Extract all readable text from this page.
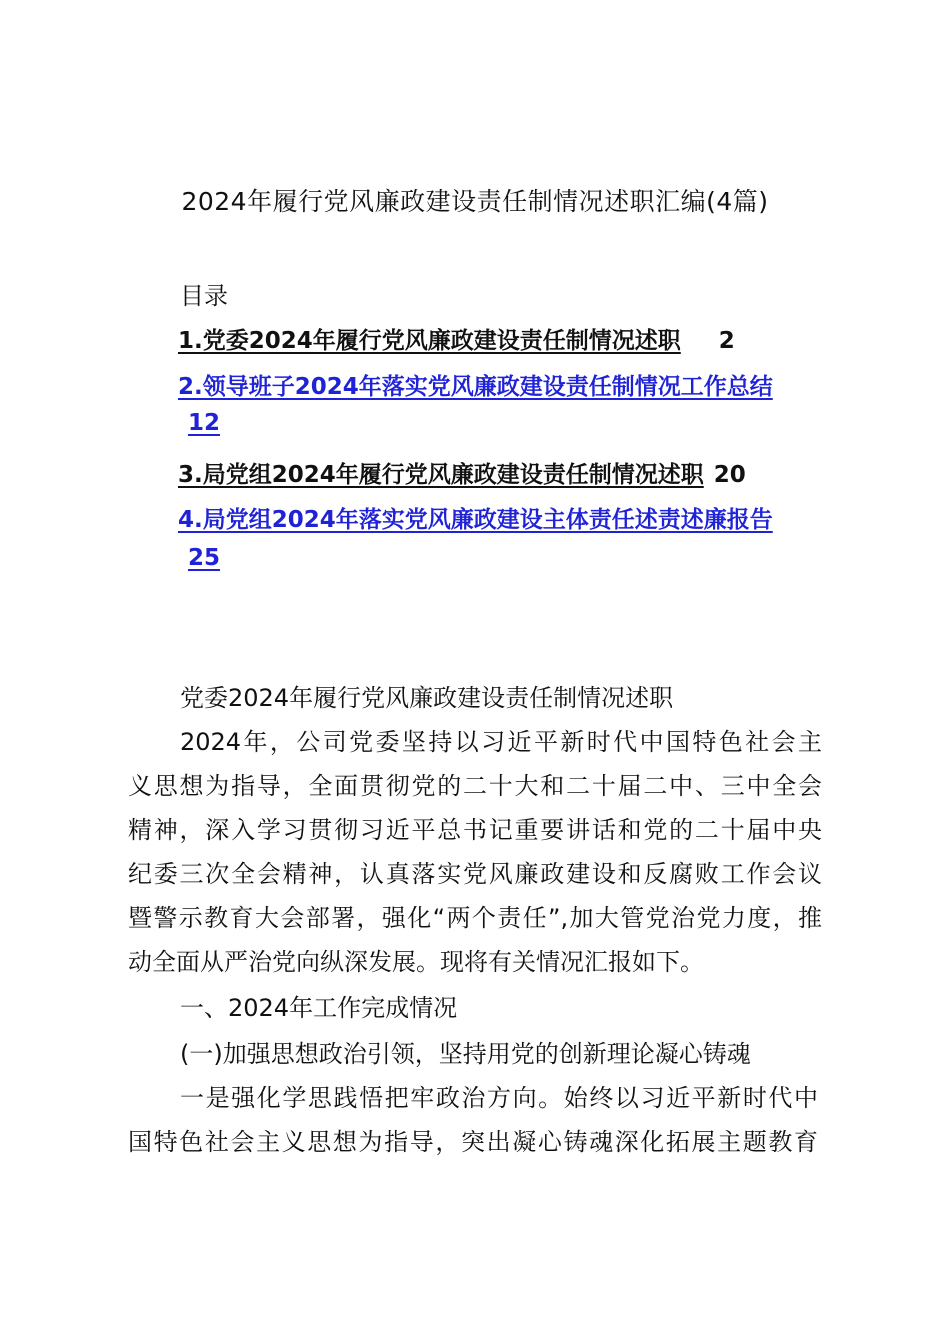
2024年履行党风廉政建设责任制情况述职汇编(4篇)
目录
1.党委2024年履行党风廉政建设责任制情况述职 2
2.领导班子2024年落实党风廉政建设责任制情况工作总结
12
3.局党组2024年履行党风廉政建设责任制情况述职 20
4.局党组2024年落实党风廉政建设主体责任述责述廉报告
25
党委2024年履行党风廉政建设责任制情况述职
2024年，公司党委坚持以习近平新时代中国特色社会主
义思想为指导，全面贯彻党的二十大和二十届二中、三中全会
精神，深入学习贯彻习近平总书记重要讲话和党的二十届中央
纪委三次全会精神，认真落实党风廉政建设和反腐败工作会议
暨警示教育大会部署，强化“两个责任”,加大管党治党力度，推
动全面从严治党向纵深发展。现将有关情况汇报如下。
一、2024年工作完成情况
(一)加强思想政治引领，坚持用党的创新理论凝心铸魂
一是强化学思践悟把牢政治方向。始终以习近平新时代中
国特色社会主义思想为指导，突出凝心铸魂深化拓展主题教育
